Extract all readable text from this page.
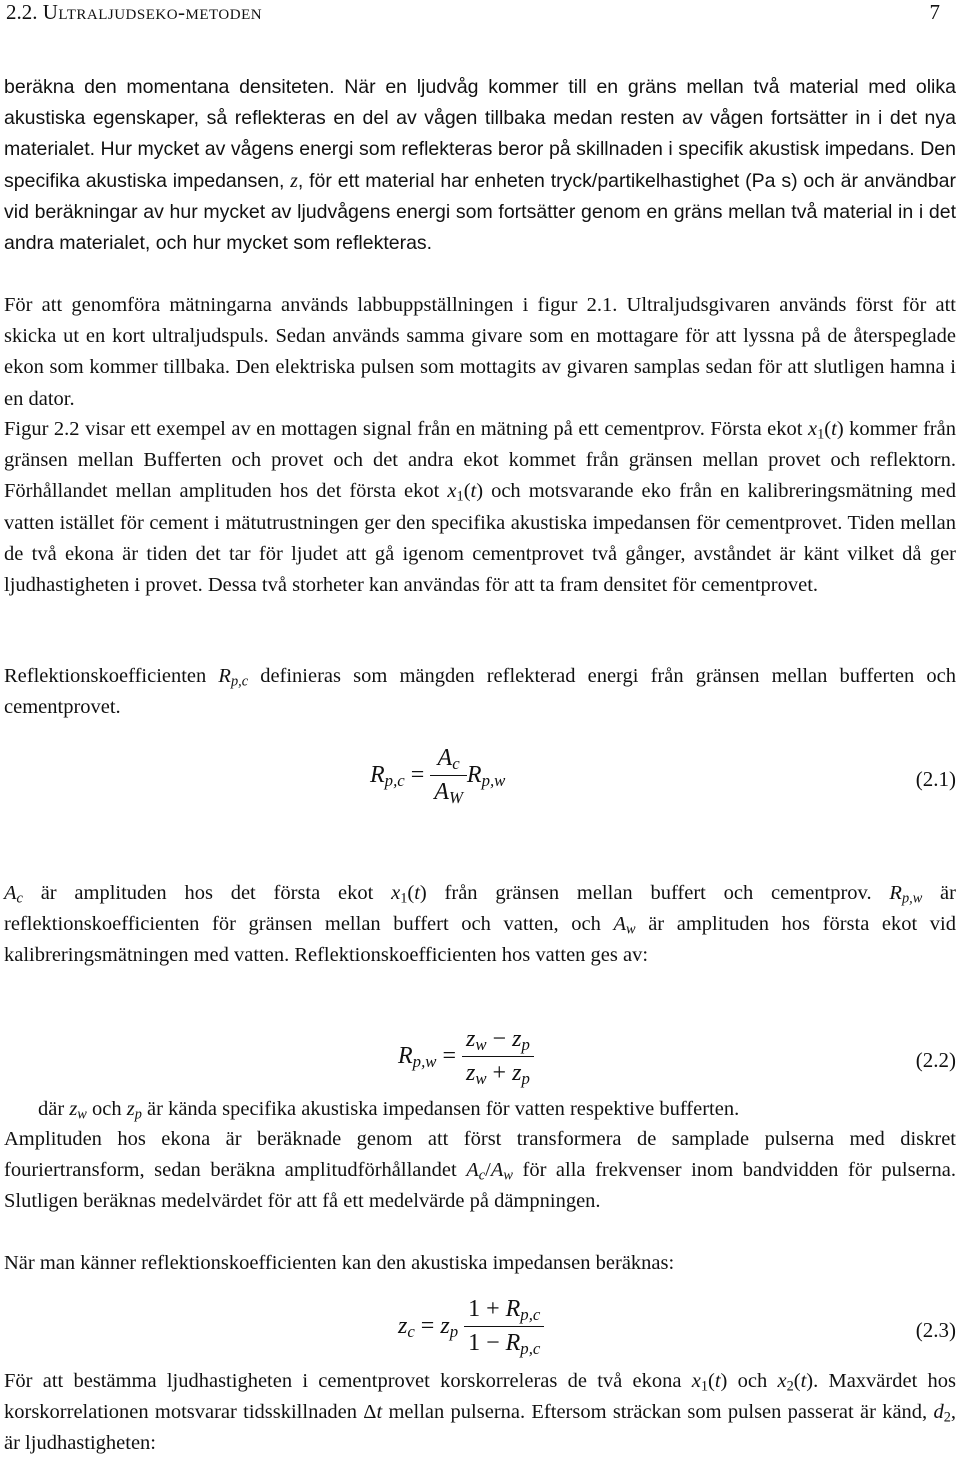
2.2. Ultraljudseko-metoden	7
beräkna den momentana densiteten. När en ljudvåg kommer till en gräns mellan två material med olika akustiska egenskaper, så reflekteras en del av vågen tillbaka medan resten av vågen fortsätter in i det nya materialet. Hur mycket av vågens energi som reflekteras beror på skillnaden i specifik akustisk impedans. Den specifika akustiska impedansen, z, för ett material har enheten tryck/partikelhastighet (Pa s) och är användbar vid beräkningar av hur mycket av ljudvågens energi som fortsätter genom en gräns mellan två material in i det andra materialet, och hur mycket som reflekteras.
För att genomföra mätningarna används labbuppställningen i figur 2.1. Ultraljudsgivaren används först för att skicka ut en kort ultraljudspuls. Sedan används samma givare som en mottagare för att lyssna på de återspeglade ekon som kommer tillbaka. Den elektriska pulsen som mottagits av givaren samplas sedan för att slutligen hamna i en dator.
Figur 2.2 visar ett exempel av en mottagen signal från en mätning på ett cementprov. Första ekot $x_1(t)$ kommer från gränsen mellan Bufferten och provet och det andra ekot kommet från gränsen mellan provet och reflektorn. Förhållandet mellan amplituden hos det första ekot $x_1(t)$ och motsvarande eko från en kalibreringsmätning med vatten istället för cement i mätutrustningen ger den specifika akustiska impedansen för cementprovet. Tiden mellan de två ekona är tiden det tar för ljudet att gå igenom cementprovet två gånger, avståndet är känt vilket då ger ljudhastigheten i provet. Dessa två storheter kan användas för att ta fram densitet för cementprovet.
Reflektionskoefficienten $R_{p,c}$ definieras som mängden reflekterad energi från gränsen mellan bufferten och cementprovet.
$R_{p,c} = \frac{A_c}{A_W} R_{p,w}$	(2.1)
$A_c$ är amplituden hos det första ekot $x_1(t)$ från gränsen mellan buffert och cementprov. $R_{p,w}$ är reflektionskoefficienten för gränsen mellan buffert och vatten, och $A_w$ är amplituden hos första ekot vid kalibreringsmätningen med vatten. Reflektionskoefficienten hos vatten ges av:
$R_{p,w} = \frac{z_w - z_p}{z_w + z_p}$	(2.2)
där $z_w$ och $z_p$ är kända specifika akustiska impedansen för vatten respektive bufferten.
Amplituden hos ekona är beräknade genom att först transformera de samplade pulserna med diskret fouriertransform, sedan beräkna amplitudförhållandet $A_c/A_w$ för alla frekvenser inom bandvidden för pulserna. Slutligen beräknas medelvärdet för att få ett medelvärde på dämpningen.
När man känner reflektionskoefficienten kan den akustiska impedansen beräknas:
$z_c = z_p \frac{1 + R_{p,c}}{1 - R_{p,c}}$	(2.3)
För att bestämma ljudhastigheten i cementprovet korskorreleras de två ekona $x_1(t)$ och $x_2(t)$. Maxvärdet hos korskorrelationen motsvarar tidsskillnaden Δt mellan pulserna. Eftersom sträckan som pulsen passerat är känd, $d_2$, är ljudhastigheten:
